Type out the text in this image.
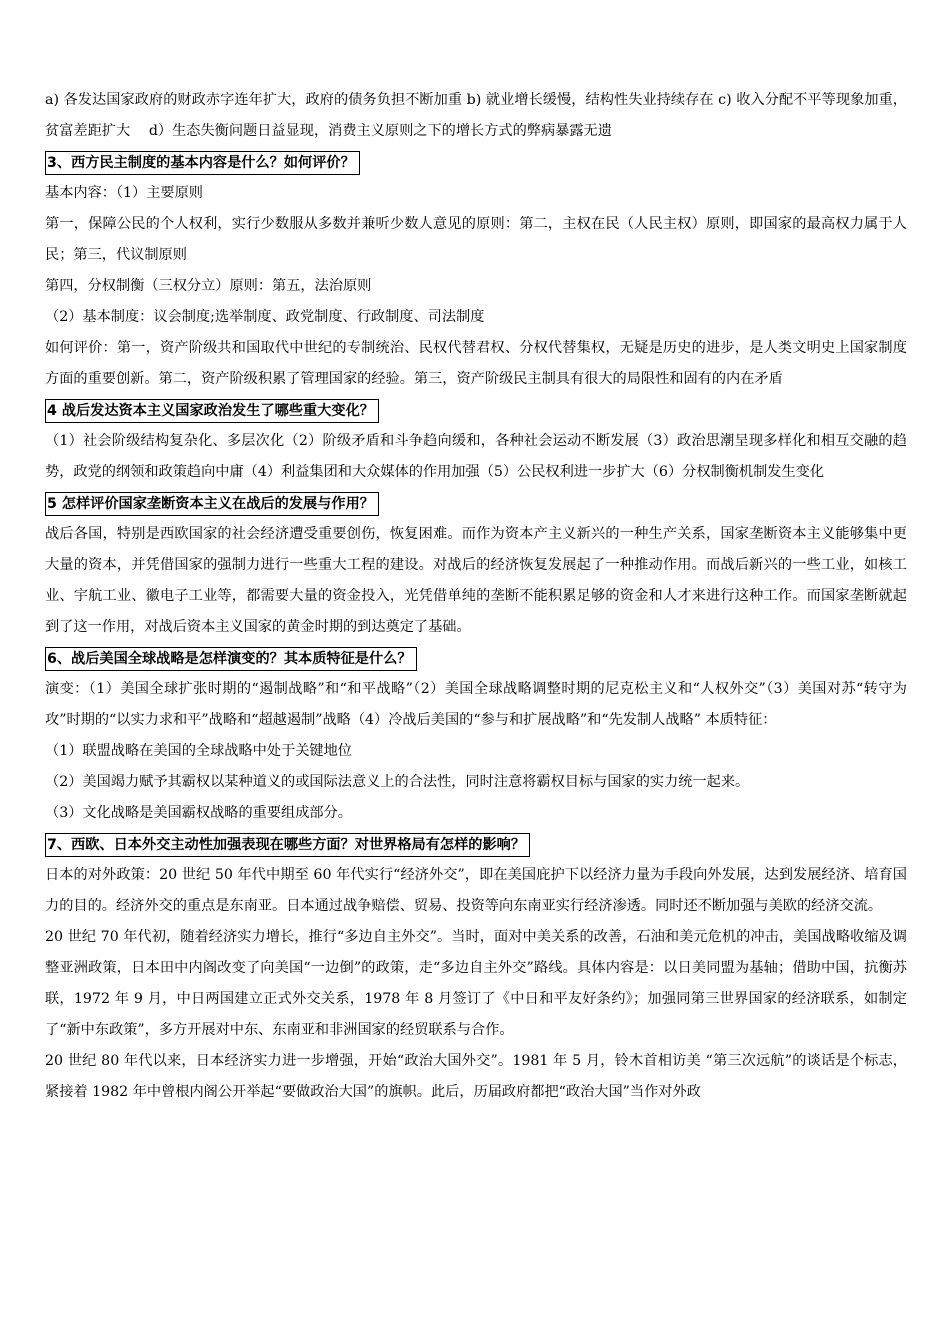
a) 各发达国家政府的财政赤字连年扩大，政府的债务负担不断加重 b) 就业增长缓慢，结构性失业持续存在 c) 收入分配不平等现象加重，贫富差距扩大　 d）生态失衡问题日益显现，消费主义原则之下的增长方式的弊病暴露无遗

3、西方民主制度的基本内容是什么？如何评价？

基本内容：（1）主要原则

第一，保障公民的个人权利，实行少数服从多数并兼听少数人意见的原则：第二，主权在民（人民主权）原则，即国家的最高权力属于人民；第三，代议制原则

第四，分权制衡（三权分立）原则：第五，法治原则

（2）基本制度：议会制度;选举制度、政党制度、行政制度、司法制度

如何评价：第一，资产阶级共和国取代中世纪的专制统治、民权代替君权、分权代替集权，无疑是历史的进步，是人类文明史上国家制度方面的重要创新。第二，资产阶级积累了管理国家的经验。第三，资产阶级民主制具有很大的局限性和固有的内在矛盾

4 战后发达资本主义国家政治发生了哪些重大变化？

（1）社会阶级结构复杂化、多层次化（2）阶级矛盾和斗争趋向缓和，各种社会运动不断发展（3）政治思潮呈现多样化和相互交融的趋势，政党的纲领和政策趋向中庸（4）利益集团和大众媒体的作用加强（5）公民权利进一步扩大（6）分权制衡机制发生变化

5 怎样评价国家垄断资本主义在战后的发展与作用？

战后各国，特别是西欧国家的社会经济遭受重要创伤，恢复困难。而作为资本产主义新兴的一种生产关系，国家垄断资本主义能够集中更大量的资本，并凭借国家的强制力进行一些重大工程的建设。对战后的经济恢复发展起了一种推动作用。而战后新兴的一些工业，如核工业、宇航工业、徽电子工业等，都需要大量的资金投入，光凭借单纯的垄断不能积累足够的资金和人才来进行这种工作。而国家垄断就起到了这一作用，对战后资本主义国家的黄金时期的到达奠定了基础。

6、战后美国全球战略是怎样演变的？其本质特征是什么？

演变：（1）美国全球扩张时期的“遏制战略”和“和平战略”（2）美国全球战略调整时期的尼克松主义和“人权外交”（3）美国对苏“转守为攻”时期的“以实力求和平”战略和“超越遏制”战略（4）冷战后美国的“参与和扩展战略”和“先发制人战略” 本质特征：

（1）联盟战略在美国的全球战略中处于关键地位

（2）美国竭力赋予其霸权以某种道义的或国际法意义上的合法性，同时注意将霸权目标与国家的实力统一起来。

（3）文化战略是美国霸权战略的重要组成部分。

7、西欧、日本外交主动性加强表现在哪些方面？对世界格局有怎样的影响？

日本的对外政策：20 世纪 50 年代中期至 60 年代实行“经济外交”，即在美国庇护下以经济力量为手段向外发展，达到发展经济、培育国力的目的。经济外交的重点是东南亚。日本通过战争赔偿、贸易、投资等向东南亚实行经济渗透。同时还不断加强与美欧的经济交流。

20 世纪 70 年代初，随着经济实力增长，推行“多边自主外交”。当时，面对中美关系的改善，石油和美元危机的冲击，美国战略收缩及调整亚洲政策，日本田中内阁改变了向美国“一边倒”的政策，走“多边自主外交”路线。具体内容是：以日美同盟为基轴；借助中国，抗衡苏联，1972 年 9 月，中日两国建立正式外交关系，1978 年 8 月签订了《中日和平友好条约》；加强同第三世界国家的经济联系，如制定了“新中东政策”，多方开展对中东、东南亚和非洲国家的经贸联系与合作。

20 世纪 80 年代以来，日本经济实力进一步增强，开始“政治大国外交”。1981 年 5 月，铃木首相访美 “第三次远航”的谈话是个标志，紧接着 1982 年中曾根内阁公开举起“要做政治大国”的旗帜。此后，历届政府都把“政治大国”当作对外政
